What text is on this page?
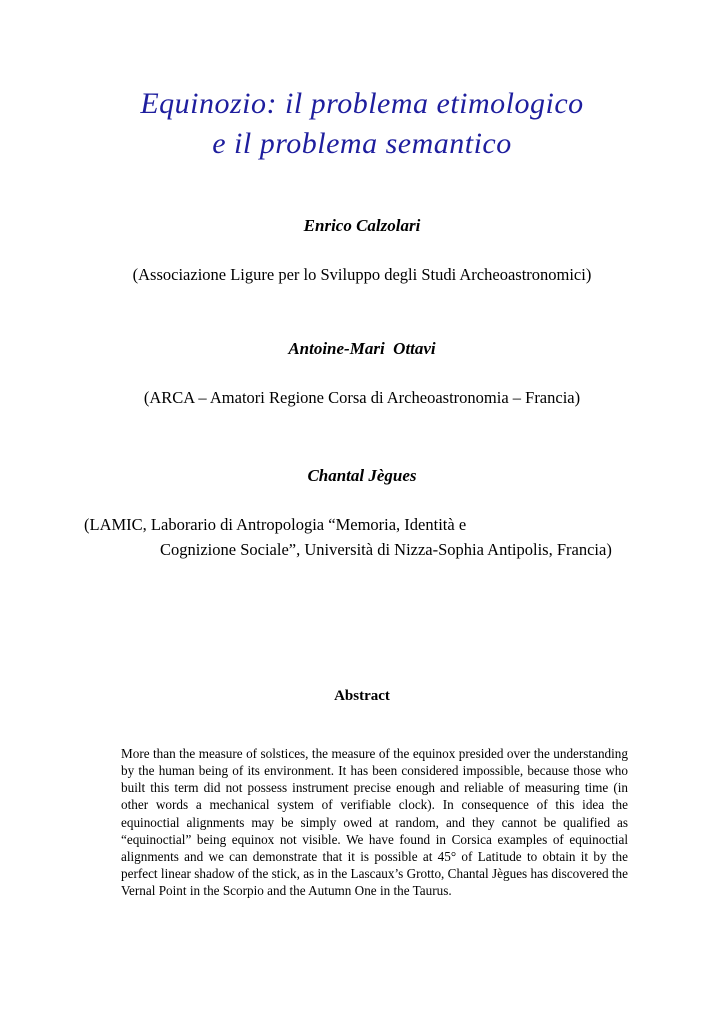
Equinozio: il problema etimologico
e il problema semantico
Enrico Calzolari
(Associazione Ligure per lo Sviluppo degli Studi Archeoastronomici)
Antoine-Mari  Ottavi
(ARCA – Amatori Regione Corsa di Archeoastronomia – Francia)
Chantal Jègues
(LAMIC, Laborario di Antropologia “Memoria, Identità e
Cognizione Sociale”, Università di Nizza-Sophia Antipolis, Francia)
Abstract
More than the measure of solstices, the measure of the equinox presided over the understanding by the human being of its environment. It has been considered impossible, because those who built this term did not possess instrument precise enough and reliable of measuring time (in other words a mechanical system of verifiable clock). In consequence of this idea the equinoctial alignments may be simply owed at random, and they cannot be qualified as “equinoctial” being equinox not visible. We have found in Corsica examples of equinoctial alignments and we can demonstrate that it is possible at 45° of Latitude to obtain it by the perfect linear shadow of the stick, as in the Lascaux’s Grotto, Chantal Jègues has discovered the Vernal Point in the Scorpio and the Autumn One in the Taurus.
